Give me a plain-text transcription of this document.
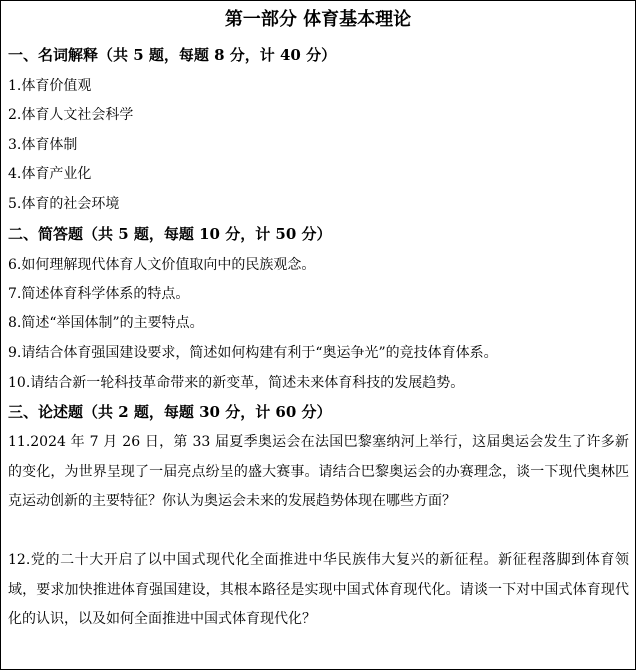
第一部分 体育基本理论
一、名词解释（共 5 题，每题 8 分，计 40 分）
1.体育价值观
2.体育人文社会科学
3.体育体制
4.体育产业化
5.体育的社会环境
二、简答题（共 5 题，每题 10 分，计 50 分）
6.如何理解现代体育人文价值取向中的民族观念。
7.简述体育科学体系的特点。
8.简述“举国体制”的主要特点。
9.请结合体育强国建设要求，简述如何构建有利于“奥运争光”的竞技体育体系。
10.请结合新一轮科技革命带来的新变革，简述未来体育科技的发展趋势。
三、论述题（共 2 题，每题 30 分，计 60 分）
11.2024 年 7 月 26 日，第 33 届夏季奥运会在法国巴黎塞纳河上举行，这届奥运会发生了许多新的变化，为世界呈现了一届亮点纷呈的盛大赛事。请结合巴黎奥运会的办赛理念，谈一下现代奥林匹克运动创新的主要特征？你认为奥运会未来的发展趋势体现在哪些方面？
12.党的二十大开启了以中国式现代化全面推进中华民族伟大复兴的新征程。新征程落脚到体育领域，要求加快推进体育强国建设，其根本路径是实现中国式体育现代化。请谈一下对中国式体育现代化的认识，以及如何全面推进中国式体育现代化？
